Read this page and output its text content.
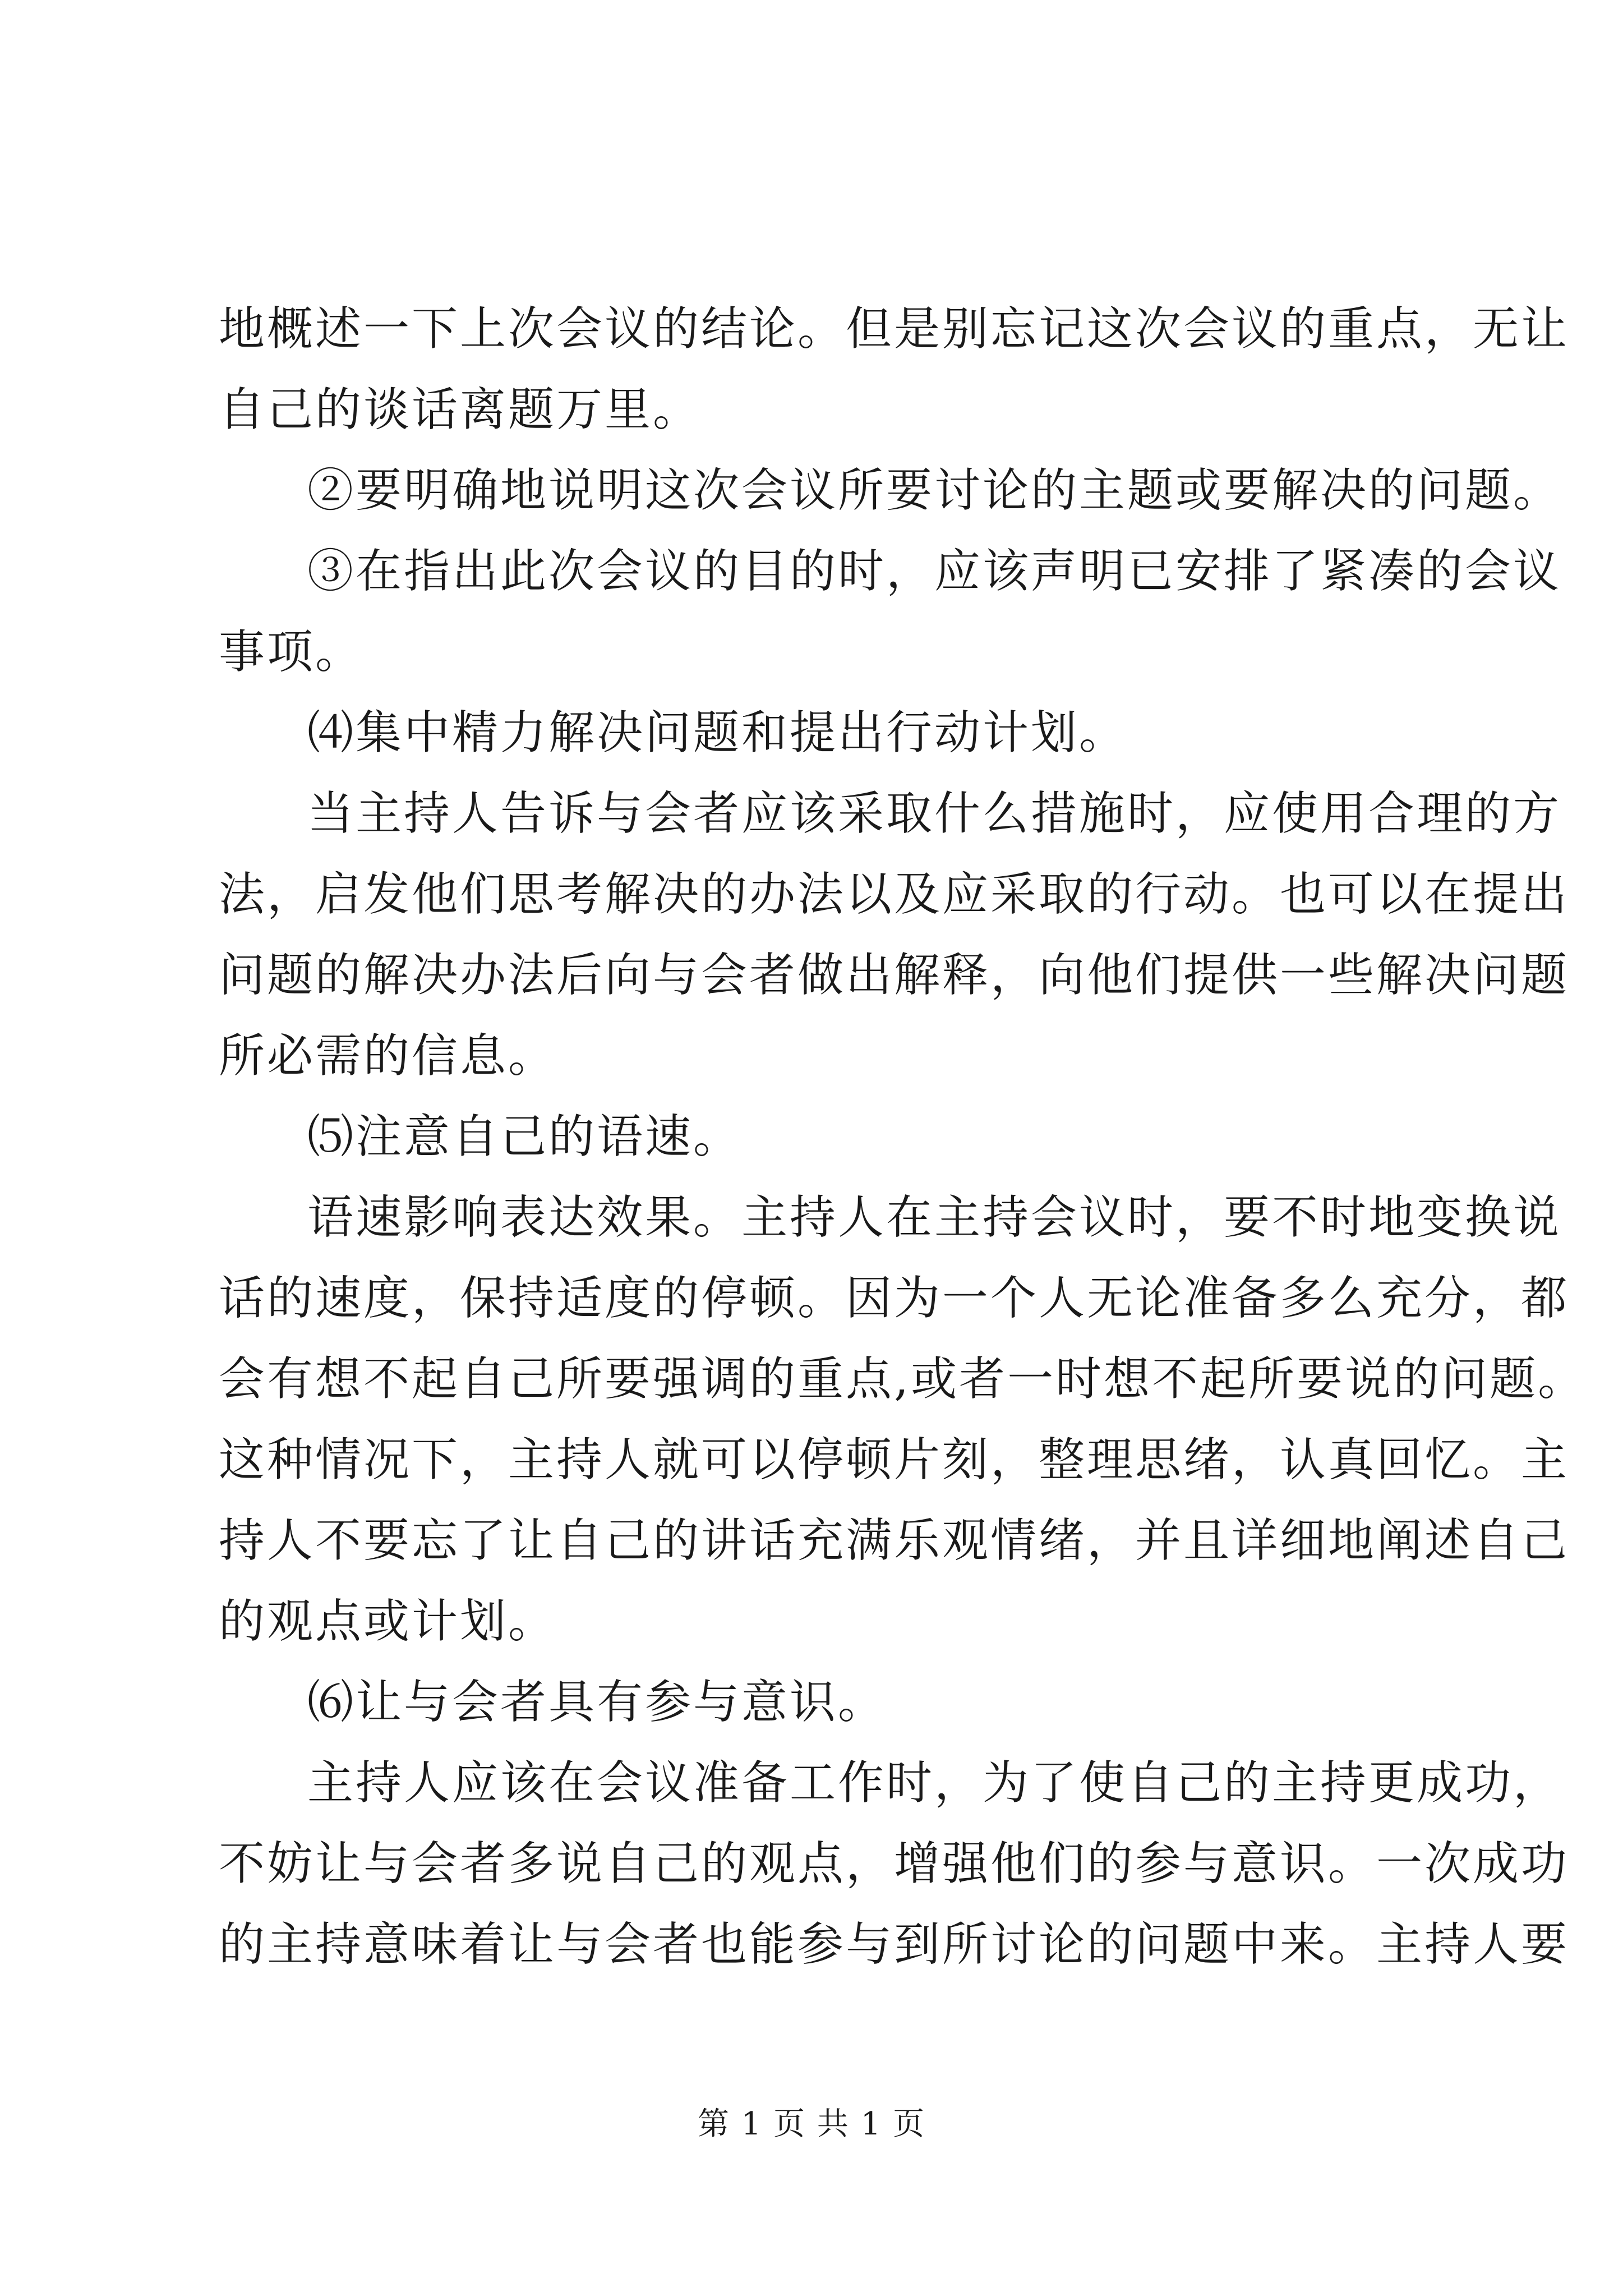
地概述一下上次会议的结论。但是别忘记这次会议的重点，无让
自己的谈话离题万里。
②要明确地说明这次会议所要讨论的主题或要解决的问题。
③在指出此次会议的目的时，应该声明已安排了紧凑的会议
事项。
⑷集中精力解决问题和提出行动计划。
当主持人告诉与会者应该采取什么措施时，应使用合理的方
法，启发他们思考解决的办法以及应采取的行动。也可以在提出
问题的解决办法后向与会者做出解释，向他们提供一些解决问题
所必需的信息。
⑸注意自己的语速。
语速影响表达效果。主持人在主持会议时，要不时地变换说
话的速度，保持适度的停顿。因为一个人无论准备多么充分，都
会有想不起自己所要强调的重点,或者一时想不起所要说的问题。
这种情况下，主持人就可以停顿片刻，整理思绪，认真回忆。主
持人不要忘了让自己的讲话充满乐观情绪，并且详细地阐述自己
的观点或计划。
⑹让与会者具有参与意识。
主持人应该在会议准备工作时，为了使自己的主持更成功，
不妨让与会者多说自己的观点，增强他们的参与意识。一次成功
的主持意味着让与会者也能参与到所讨论的问题中来。主持人要
第 1 页 共 1 页
